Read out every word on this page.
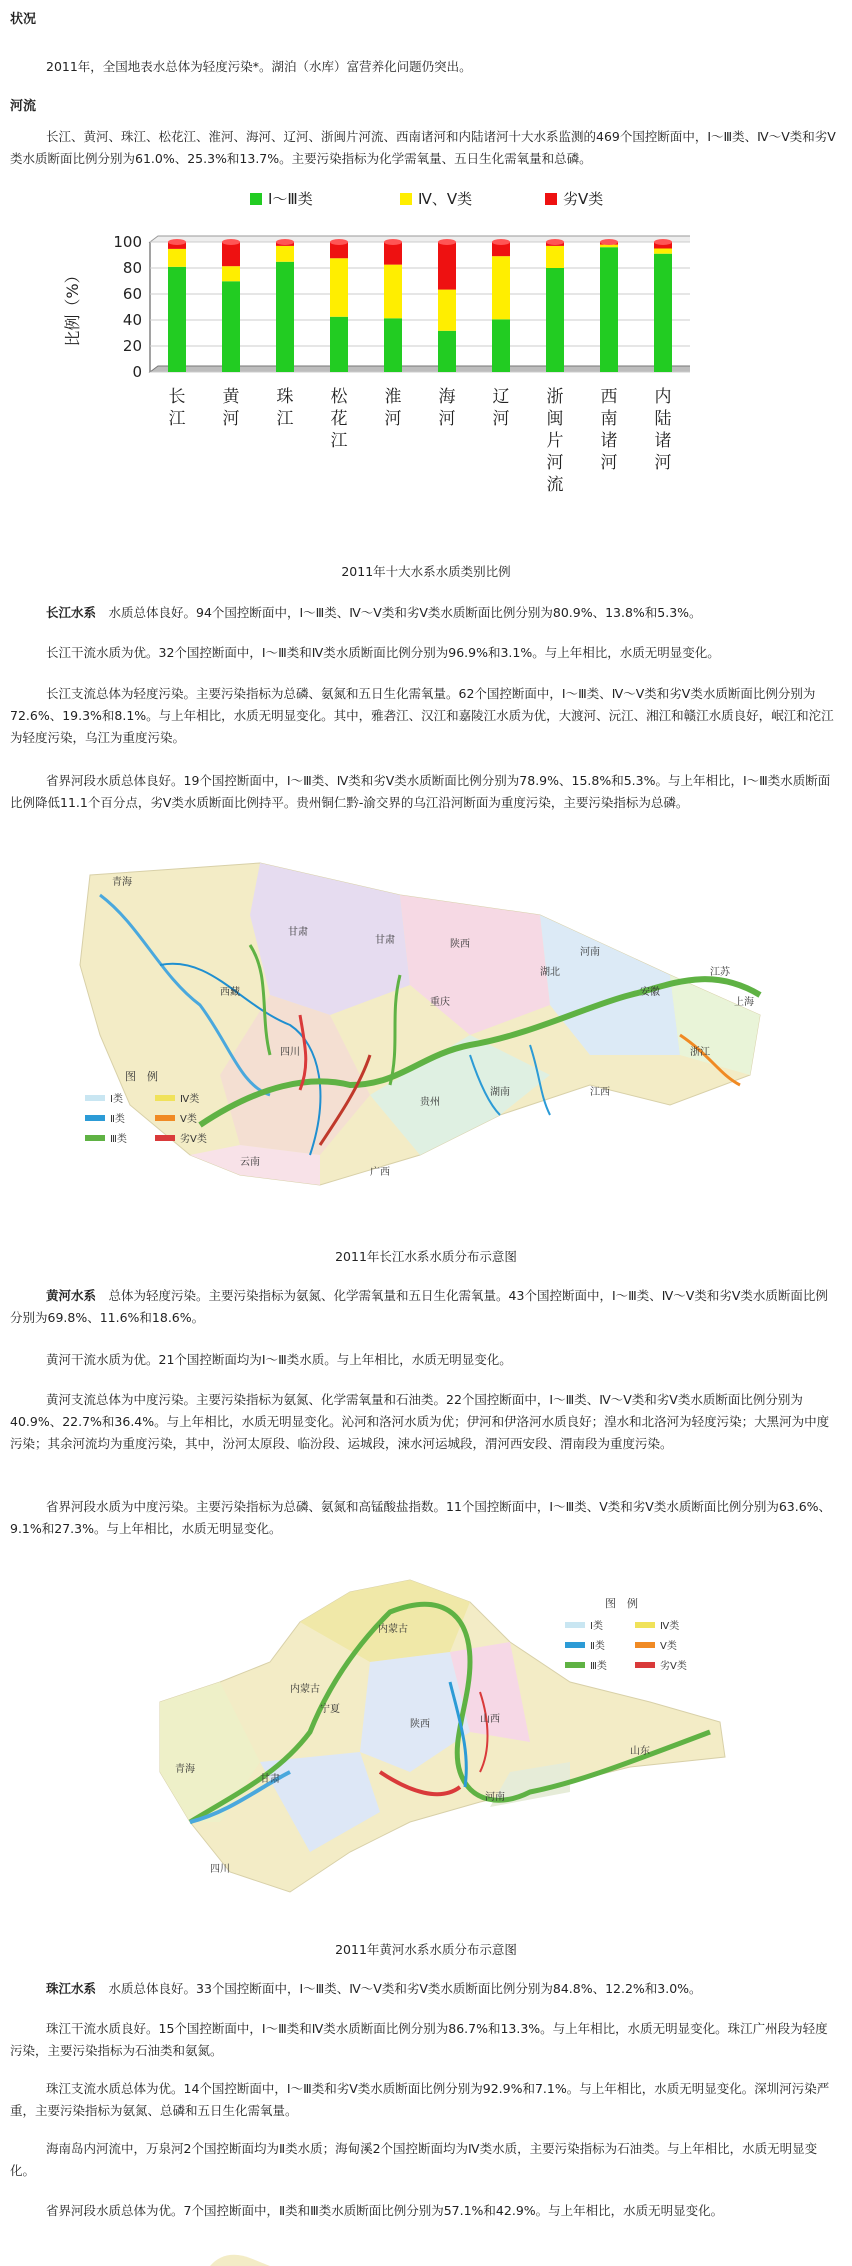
状况
2011年，全国地表水总体为轻度污染*。湖泊（水库）富营养化问题仍突出。
河流
长江、黄河、珠江、松花江、淮河、海河、辽河、浙闽片河流、西南诸河和内陆诸河十大水系监测的469个国控断面中，Ⅰ～Ⅲ类、Ⅳ～Ⅴ类和劣Ⅴ类水质断面比例分别为61.0%、25.3%和13.7%。主要污染指标为化学需氧量、五日生化需氧量和总磷。
Ⅰ～Ⅲ类	Ⅳ、Ⅴ类	劣Ⅴ类
0
20
40
60
80
100
比例（%）
长
江
黄
河
珠
江
松
花
江
淮
河
海
河
辽
河
浙
闽
片
河
流
西
南
诸
河
内
陆
诸
河
2011年十大水系水质类别比例
长江水系　 水质总体良好。94个国控断面中，Ⅰ～Ⅲ类、Ⅳ～Ⅴ类和劣Ⅴ类水质断面比例分别为80.9%、13.8%和5.3%。
长江干流水质为优。32个国控断面中，Ⅰ～Ⅲ类和Ⅳ类水质断面比例分别为96.9%和3.1%。与上年相比，水质无明显变化。
长江支流总体为轻度污染。主要污染指标为总磷、氨氮和五日生化需氧量。62个国控断面中，Ⅰ～Ⅲ类、Ⅳ～Ⅴ类和劣Ⅴ类水质断面比例分别为72.6%、19.3%和8.1%。与上年相比，水质无明显变化。其中，雅砻江、汉江和嘉陵江水质为优，大渡河、沅江、湘江和赣江水质良好，岷江和沱江为轻度污染，乌江为重度污染。
省界河段水质总体良好。19个国控断面中，Ⅰ～Ⅲ类、Ⅳ类和劣Ⅴ类水质断面比例分别为78.9%、15.8%和5.3%。与上年相比，Ⅰ～Ⅲ类水质断面比例降低11.1个百分点，劣Ⅴ类水质断面比例持平。贵州铜仁黔-渝交界的乌江沿河断面为重度污染，主要污染指标为总磷。
青海
西藏
甘肃
四川
甘肃	陕西
湖北
河南
安徽
江苏
上海
浙江
重庆
贵州
湖南	江西
云南
广西
图　例
Ⅰ类	Ⅳ类
Ⅱ类	Ⅴ类
Ⅲ类	劣Ⅴ类
2011年长江水系水质分布示意图
黄河水系　 总体为轻度污染。主要污染指标为氨氮、化学需氧量和五日生化需氧量。43个国控断面中，Ⅰ～Ⅲ类、Ⅳ～Ⅴ类和劣Ⅴ类水质断面比例分别为69.8%、11.6%和18.6%。
黄河干流水质为优。21个国控断面均为Ⅰ～Ⅲ类水质。与上年相比，水质无明显变化。
黄河支流总体为中度污染。主要污染指标为氨氮、化学需氧量和石油类。22个国控断面中，Ⅰ～Ⅲ类、Ⅳ～Ⅴ类和劣Ⅴ类水质断面比例分别为40.9%、22.7%和36.4%。与上年相比，水质无明显变化。沁河和洛河水质为优；伊河和伊洛河水质良好；湟水和北洛河为轻度污染；大黑河为中度污染；其余河流均为重度污染，其中，汾河太原段、临汾段、运城段，涑水河运城段，渭河西安段、渭南段为重度污染。
省界河段水质为中度污染。主要污染指标为总磷、氨氮和高锰酸盐指数。11个国控断面中，Ⅰ～Ⅲ类、Ⅴ类和劣Ⅴ类水质断面比例分别为63.6%、9.1%和27.3%。与上年相比，水质无明显变化。
内蒙古
内蒙古
宁夏
陕西	山西
甘肃
青海
河南
山东
四川
图　例
Ⅰ类	Ⅳ类
Ⅱ类	Ⅴ类
Ⅲ类	劣Ⅴ类
2011年黄河水系水质分布示意图
珠江水系　 水质总体良好。33个国控断面中，Ⅰ～Ⅲ类、Ⅳ～Ⅴ类和劣Ⅴ类水质断面比例分别为84.8%、12.2%和3.0%。
珠江干流水质良好。15个国控断面中，Ⅰ～Ⅲ类和Ⅳ类水质断面比例分别为86.7%和13.3%。与上年相比，水质无明显变化。珠江广州段为轻度污染，主要污染指标为石油类和氨氮。
珠江支流水质总体为优。14个国控断面中，Ⅰ～Ⅲ类和劣Ⅴ类水质断面比例分别为92.9%和7.1%。与上年相比，水质无明显变化。深圳河污染严重，主要污染指标为氨氮、总磷和五日生化需氧量。
海南岛内河流中，万泉河2个国控断面均为Ⅱ类水质；海甸溪2个国控断面均为Ⅳ类水质，主要污染指标为石油类。与上年相比，水质无明显变化。
省界河段水质总体为优。7个国控断面中，Ⅱ类和Ⅲ类水质断面比例分别为57.1%和42.9%。与上年相比，水质无明显变化。
